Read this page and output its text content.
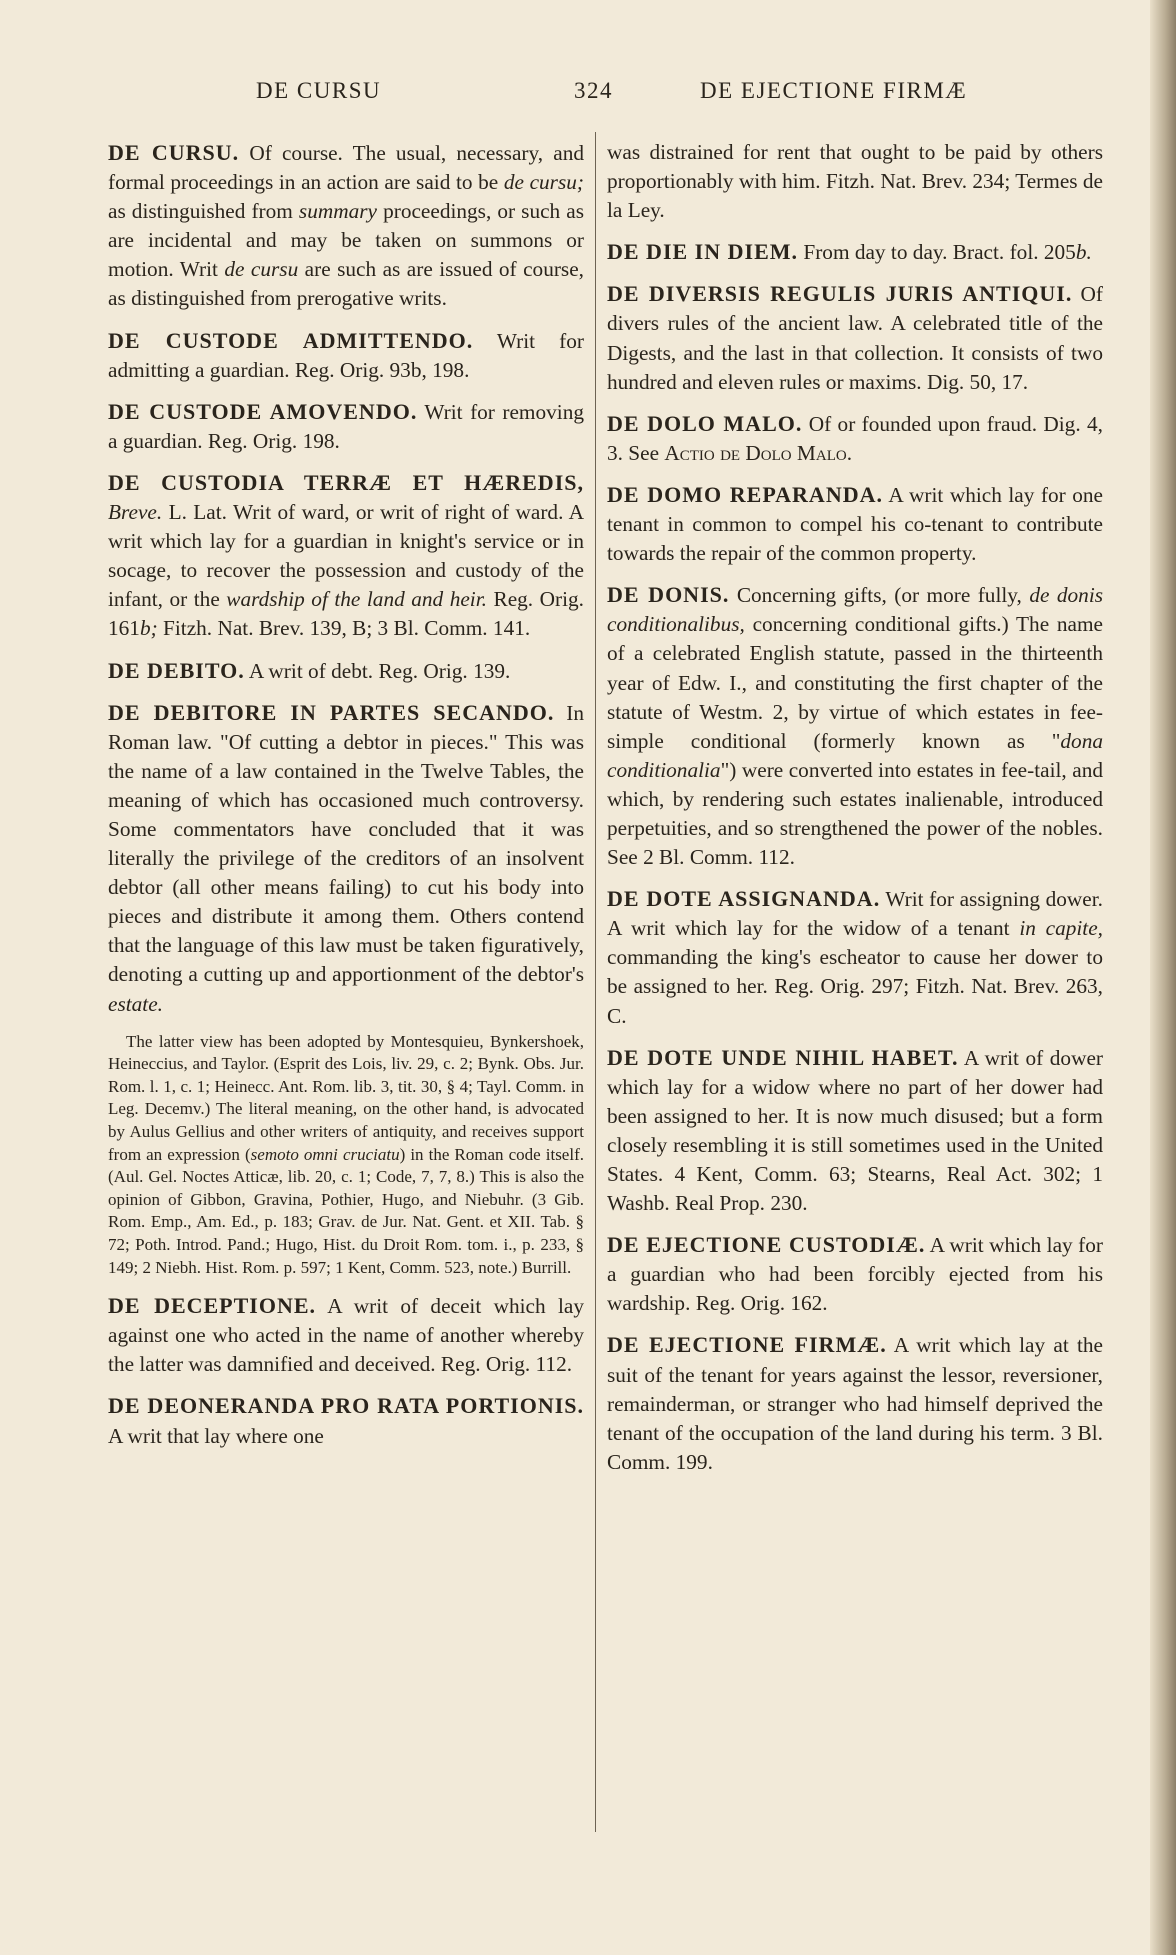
DE CURSU	324	DE EJECTIONE FIRMÆ

DE CURSU. Of course. The usual, necessary, and formal proceedings in an action are said to be de cursu; as distinguished from summary proceedings, or such as are incidental and may be taken on summons or motion. Writ de cursu are such as are issued of course, as distinguished from prerogative writs.

DE CUSTODE ADMITTENDO. Writ for admitting a guardian. Reg. Orig. 93b, 198.

DE CUSTODE AMOVENDO. Writ for removing a guardian. Reg. Orig. 198.

DE CUSTODIA TERRÆ ET HÆREDIS, Breve. L. Lat. Writ of ward, or writ of right of ward. A writ which lay for a guardian in knight's service or in socage, to recover the possession and custody of the infant, or the wardship of the land and heir. Reg. Orig. 161b; Fitzh. Nat. Brev. 139, B; 3 Bl. Comm. 141.

DE DEBITO. A writ of debt. Reg. Orig. 139.

DE DEBITORE IN PARTES SECANDO. In Roman law. "Of cutting a debtor in pieces." This was the name of a law contained in the Twelve Tables, the meaning of which has occasioned much controversy. Some commentators have concluded that it was literally the privilege of the creditors of an insolvent debtor (all other means failing) to cut his body into pieces and distribute it among them. Others contend that the language of this law must be taken figuratively, denoting a cutting up and apportionment of the debtor's estate.

The latter view has been adopted by Montesquieu, Bynkershoek, Heineccius, and Taylor. (Esprit des Lois, liv. 29, c. 2; Bynk. Obs. Jur. Rom. l. 1, c. 1; Heinecc. Ant. Rom. lib. 3, tit. 30, § 4; Tayl. Comm. in Leg. Decemv.) The literal meaning, on the other hand, is advocated by Aulus Gellius and other writers of antiquity, and receives support from an expression (semoto omni cruciatu) in the Roman code itself. (Aul. Gel. Noctes Atticæ, lib. 20, c. 1; Code, 7, 7, 8.) This is also the opinion of Gibbon, Gravina, Pothier, Hugo, and Niebuhr. (3 Gib. Rom. Emp., Am. Ed., p. 183; Grav. de Jur. Nat. Gent. et XII. Tab. § 72; Poth. Introd. Pand.; Hugo, Hist. du Droit Rom. tom. i., p. 233, § 149; 2 Niebh. Hist. Rom. p. 597; 1 Kent, Comm. 523, note.) Burrill.

DE DECEPTIONE. A writ of deceit which lay against one who acted in the name of another whereby the latter was damnified and deceived. Reg. Orig. 112.

DE DEONERANDA PRO RATA PORTIONIS. A writ that lay where one

was distrained for rent that ought to be paid by others proportionably with him. Fitzh. Nat. Brev. 234; Termes de la Ley.

DE DIE IN DIEM. From day to day. Bract. fol. 205b.

DE DIVERSIS REGULIS JURIS ANTIQUI. Of divers rules of the ancient law. A celebrated title of the Digests, and the last in that collection. It consists of two hundred and eleven rules or maxims. Dig. 50, 17.

DE DOLO MALO. Of or founded upon fraud. Dig. 4, 3. See Actio de Dolo Malo.

DE DOMO REPARANDA. A writ which lay for one tenant in common to compel his co-tenant to contribute towards the repair of the common property.

DE DONIS. Concerning gifts, (or more fully, de donis conditionalibus, concerning conditional gifts.) The name of a celebrated English statute, passed in the thirteenth year of Edw. I., and constituting the first chapter of the statute of Westm. 2, by virtue of which estates in fee-simple conditional (formerly known as "dona conditionalia") were converted into estates in fee-tail, and which, by rendering such estates inalienable, introduced perpetuities, and so strengthened the power of the nobles. See 2 Bl. Comm. 112.

DE DOTE ASSIGNANDA. Writ for assigning dower. A writ which lay for the widow of a tenant in capite, commanding the king's escheator to cause her dower to be assigned to her. Reg. Orig. 297; Fitzh. Nat. Brev. 263, C.

DE DOTE UNDE NIHIL HABET. A writ of dower which lay for a widow where no part of her dower had been assigned to her. It is now much disused; but a form closely resembling it is still sometimes used in the United States. 4 Kent, Comm. 63; Stearns, Real Act. 302; 1 Washb. Real Prop. 230.

DE EJECTIONE CUSTODIÆ. A writ which lay for a guardian who had been forcibly ejected from his wardship. Reg. Orig. 162.

DE EJECTIONE FIRMÆ. A writ which lay at the suit of the tenant for years against the lessor, reversioner, remainderman, or stranger who had himself deprived the tenant of the occupation of the land during his term. 3 Bl. Comm. 199.
